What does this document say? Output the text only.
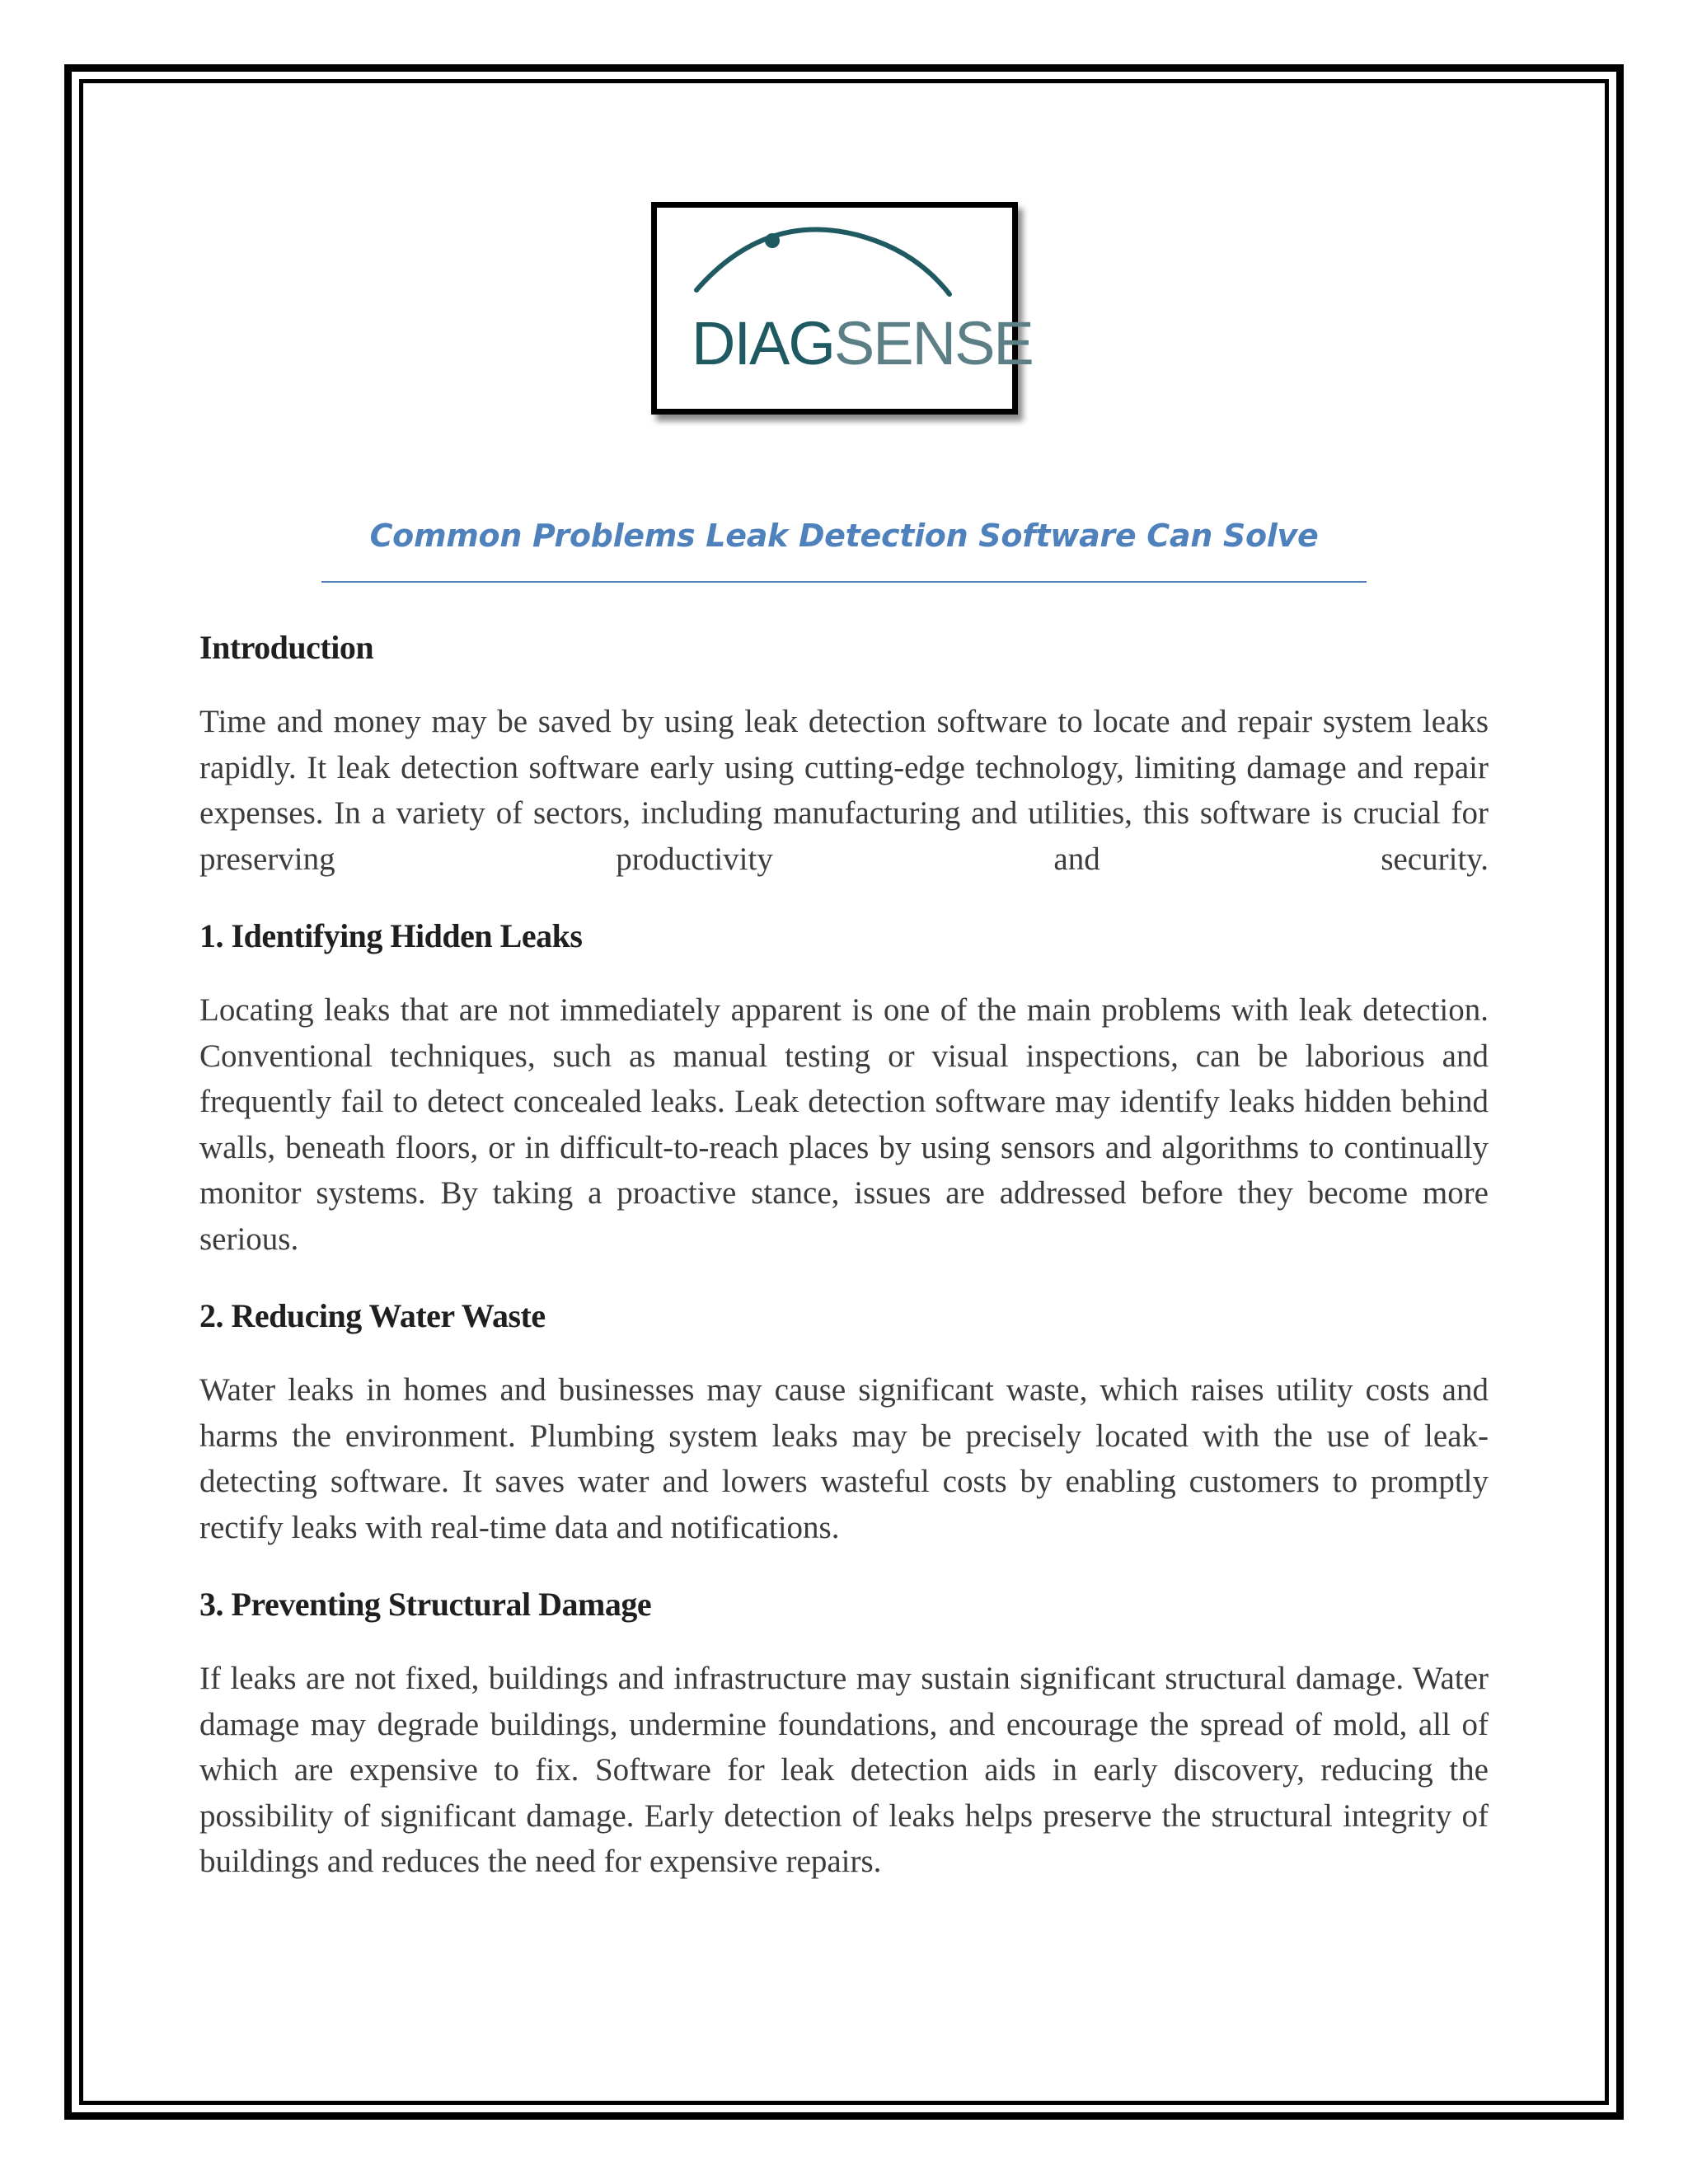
DIAGSENSE
Common Problems Leak Detection Software Can Solve
Introduction

Time and money may be saved by using leak detection software to locate and repair system leaks rapidly. It leak detection software early using cutting-edge technology, limiting damage and repair expenses. In a variety of sectors, including manufacturing and utilities, this software is crucial for preserving productivity and security.

1. Identifying Hidden Leaks

Locating leaks that are not immediately apparent is one of the main problems with leak detection. Conventional techniques, such as manual testing or visual inspections, can be laborious and frequently fail to detect concealed leaks. Leak detection software may identify leaks hidden behind walls, beneath floors, or in difficult-to-reach places by using sensors and algorithms to continually monitor systems. By taking a proactive stance, issues are addressed before they become more serious.

2. Reducing Water Waste

Water leaks in homes and businesses may cause significant waste, which raises utility costs and harms the environment. Plumbing system leaks may be precisely located with the use of leak-detecting software. It saves water and lowers wasteful costs by enabling customers to promptly rectify leaks with real-time data and notifications.

3. Preventing Structural Damage

If leaks are not fixed, buildings and infrastructure may sustain significant structural damage. Water damage may degrade buildings, undermine foundations, and encourage the spread of mold, all of which are expensive to fix. Software for leak detection aids in early discovery, reducing the possibility of significant damage. Early detection of leaks helps preserve the structural integrity of buildings and reduces the need for expensive repairs.
